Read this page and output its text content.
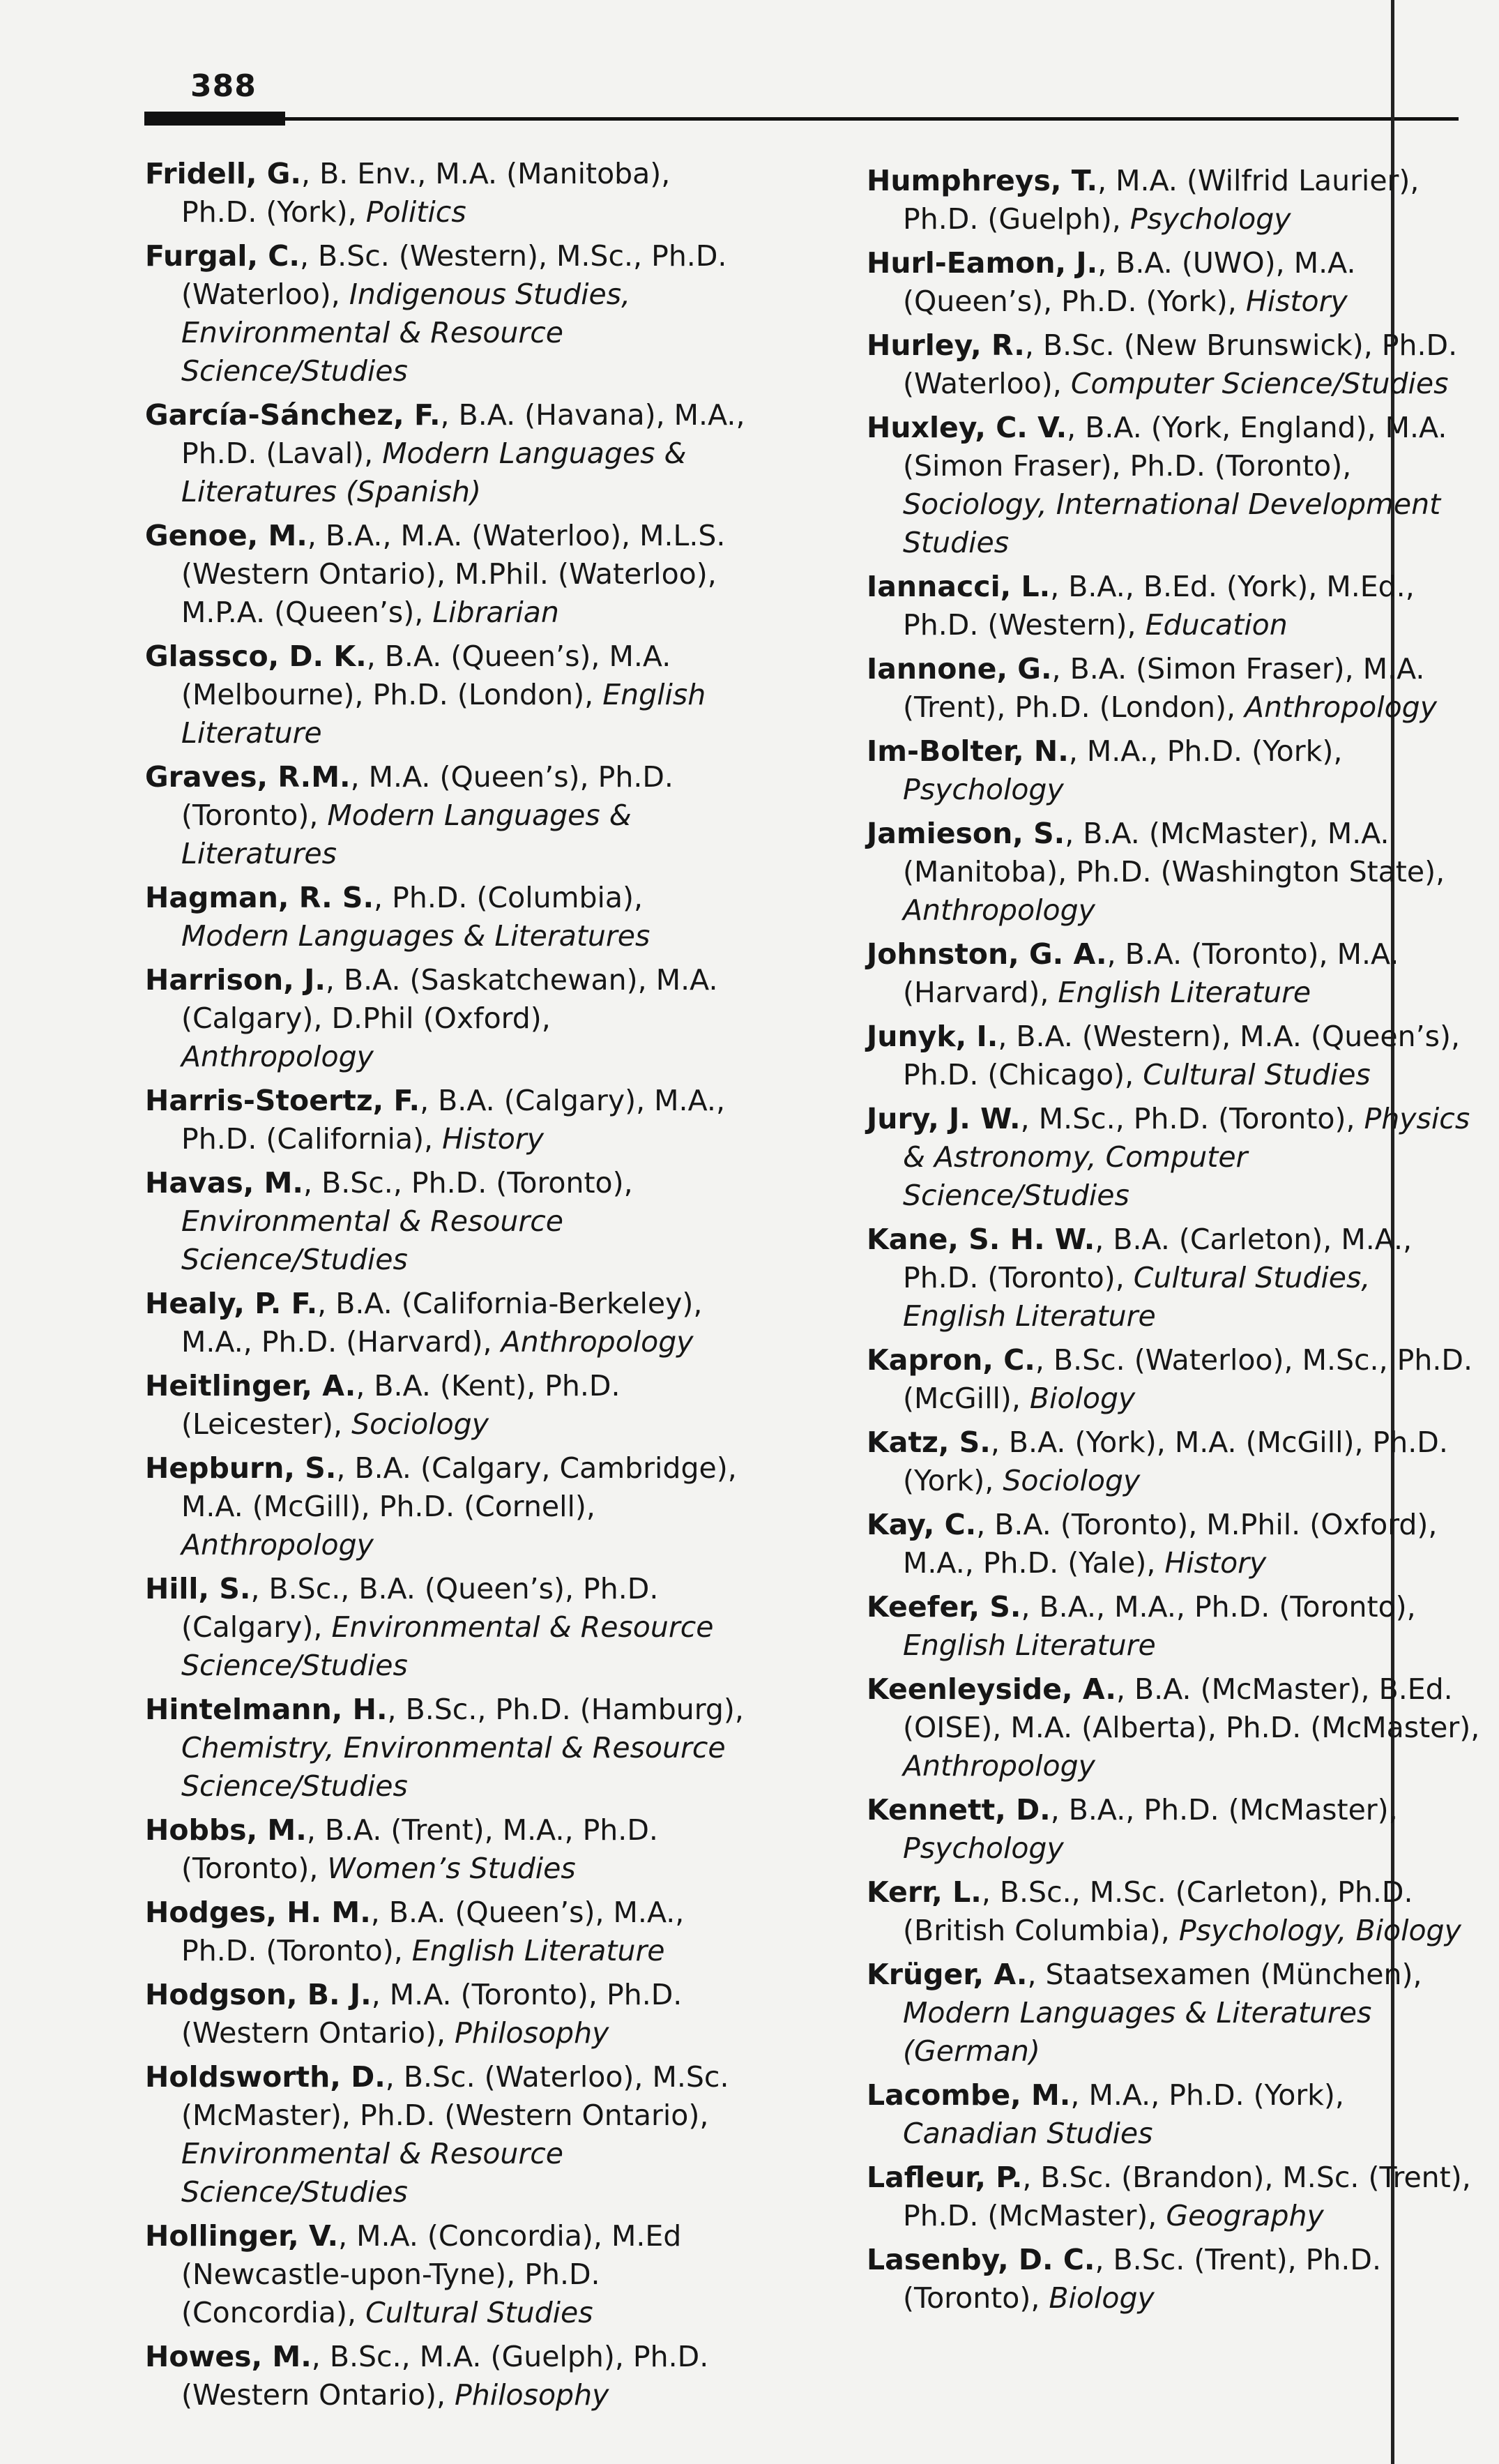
388
Fridell, G., B. Env., M.A. (Manitoba), Ph.D. (York), Politics
Furgal, C., B.Sc. (Western), M.Sc., Ph.D. (Waterloo), Indigenous Studies, Environmental & Resource Science/Studies
García-Sánchez, F., B.A. (Havana), M.A., Ph.D. (Laval), Modern Languages & Literatures (Spanish)
Genoe, M., B.A., M.A. (Waterloo), M.L.S. (Western Ontario), M.Phil. (Waterloo), M.P.A. (Queen’s), Librarian
Glassco, D. K., B.A. (Queen’s), M.A. (Melbourne), Ph.D. (London), English Literature
Graves, R.M., M.A. (Queen’s), Ph.D. (Toronto), Modern Languages & Literatures
Hagman, R. S., Ph.D. (Columbia), Modern Languages & Literatures
Harrison, J., B.A. (Saskatchewan), M.A. (Calgary), D.Phil (Oxford), Anthropology
Harris-Stoertz, F., B.A. (Calgary), M.A., Ph.D. (California), History
Havas, M., B.Sc., Ph.D. (Toronto), Environmental & Resource Science/Studies
Healy, P. F., B.A. (California-Berkeley), M.A., Ph.D. (Harvard), Anthropology
Heitlinger, A., B.A. (Kent), Ph.D. (Leicester), Sociology
Hepburn, S., B.A. (Calgary, Cambridge), M.A. (McGill), Ph.D. (Cornell), Anthropology
Hill, S., B.Sc., B.A. (Queen’s), Ph.D. (Calgary), Environmental & Resource Science/Studies
Hintelmann, H., B.Sc., Ph.D. (Hamburg), Chemistry, Environmental & Resource Science/Studies
Hobbs, M., B.A. (Trent), M.A., Ph.D. (Toronto), Women’s Studies
Hodges, H. M., B.A. (Queen’s), M.A., Ph.D. (Toronto), English Literature
Hodgson, B. J., M.A. (Toronto), Ph.D. (Western Ontario), Philosophy
Holdsworth, D., B.Sc. (Waterloo), M.Sc. (McMaster), Ph.D. (Western Ontario), Environmental & Resource Science/Studies
Hollinger, V., M.A. (Concordia), M.Ed (Newcastle-upon-Tyne), Ph.D. (Concordia), Cultural Studies
Howes, M., B.Sc., M.A. (Guelph), Ph.D. (Western Ontario), Philosophy
Humphreys, T., M.A. (Wilfrid Laurier), Ph.D. (Guelph), Psychology
Hurl-Eamon, J., B.A. (UWO), M.A. (Queen’s), Ph.D. (York), History
Hurley, R., B.Sc. (New Brunswick), Ph.D. (Waterloo), Computer Science/Studies
Huxley, C. V., B.A. (York, England), M.A. (Simon Fraser), Ph.D. (Toronto), Sociology, International Development Studies
Iannacci, L., B.A., B.Ed. (York), M.Ed., Ph.D. (Western), Education
Iannone, G., B.A. (Simon Fraser), M.A. (Trent), Ph.D. (London), Anthropology
Im-Bolter, N., M.A., Ph.D. (York), Psychology
Jamieson, S., B.A. (McMaster), M.A. (Manitoba), Ph.D. (Washington State), Anthropology
Johnston, G. A., B.A. (Toronto), M.A. (Harvard), English Literature
Junyk, I., B.A. (Western), M.A. (Queen’s), Ph.D. (Chicago), Cultural Studies
Jury, J. W., M.Sc., Ph.D. (Toronto), Physics & Astronomy, Computer Science/Studies
Kane, S. H. W., B.A. (Carleton), M.A., Ph.D. (Toronto), Cultural Studies, English Literature
Kapron, C., B.Sc. (Waterloo), M.Sc., Ph.D. (McGill), Biology
Katz, S., B.A. (York), M.A. (McGill), Ph.D. (York), Sociology
Kay, C., B.A. (Toronto), M.Phil. (Oxford), M.A., Ph.D. (Yale), History
Keefer, S., B.A., M.A., Ph.D. (Toronto), English Literature
Keenleyside, A., B.A. (McMaster), B.Ed. (OISE), M.A. (Alberta), Ph.D. (McMaster), Anthropology
Kennett, D., B.A., Ph.D. (McMaster), Psychology
Kerr, L., B.Sc., M.Sc. (Carleton), Ph.D. (British Columbia), Psychology, Biology
Krüger, A., Staatsexamen (München), Modern Languages & Literatures (German)
Lacombe, M., M.A., Ph.D. (York), Canadian Studies
Lafleur, P., B.Sc. (Brandon), M.Sc. (Trent), Ph.D. (McMaster), Geography
Lasenby, D. C., B.Sc. (Trent), Ph.D. (Toronto), Biology
